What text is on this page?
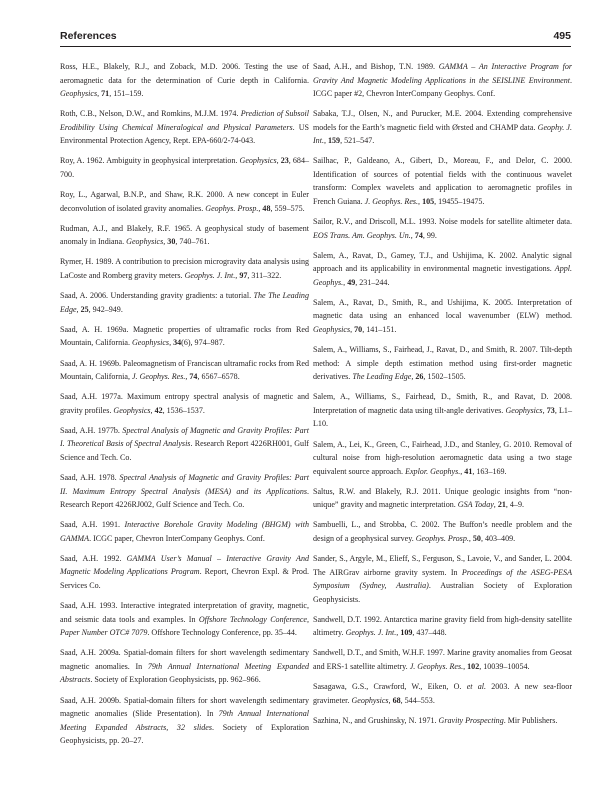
References	495

Ross, H.E., Blakely, R.J., and Zoback, M.D. 2006. Testing the use of aeromagnetic data for the determination of Curie depth in California. Geophysics, 71, 151–159.

Roth, C.B., Nelson, D.W., and Romkins, M.J.M. 1974. Prediction of Subsoil Erodibility Using Chemical Mineralogical and Physical Parameters. US Environmental Protection Agency, Rept. EPA-660/2-74-043.

Roy, A. 1962. Ambiguity in geophysical interpretation. Geophysics, 23, 684–700.

Roy, L., Agarwal, B.N.P., and Shaw, R.K. 2000. A new concept in Euler deconvolution of isolated gravity anomalies. Geophys. Prosp., 48, 559–575.

Rudman, A.J., and Blakely, R.F. 1965. A geophysical study of basement anomaly in Indiana. Geophysics, 30, 740–761.

Rymer, H. 1989. A contribution to precision microgravity data analysis using LaCoste and Romberg gravity meters. Geophys. J. Int., 97, 311–322.

Saad, A. 2006. Understanding gravity gradients: a tutorial. The The Leading Edge, 25, 942–949.

Saad, A. H. 1969a. Magnetic properties of ultramafic rocks from Red Mountain, California. Geophysics, 34(6), 974–987.

Saad, A. H. 1969b. Paleomagnetism of Franciscan ultramafic rocks from Red Mountain, California, J. Geophys. Res., 74, 6567–6578.

Saad, A.H. 1977a. Maximum entropy spectral analysis of magnetic and gravity profiles. Geophysics, 42, 1536–1537.

Saad, A.H. 1977b. Spectral Analysis of Magnetic and Gravity Profiles: Part I. Theoretical Basis of Spectral Analysis. Research Report 4226RH001, Gulf Science and Tech. Co.

Saad, A.H. 1978. Spectral Analysis of Magnetic and Gravity Profiles: Part II. Maximum Entropy Spectral Analysis (MESA) and its Applications. Research Report 4226RJ002, Gulf Science and Tech. Co.

Saad, A.H. 1991. Interactive Borehole Gravity Modeling (BHGM) with GAMMA. ICGC paper, Chevron InterCompany Geophys. Conf.

Saad, A.H. 1992. GAMMA User’s Manual – Interactive Gravity And Magnetic Modeling Applications Program. Report, Chevron Expl. & Prod. Services Co.

Saad, A.H. 1993. Interactive integrated interpretation of gravity, magnetic, and seismic data tools and examples. In Offshore Technology Conference, Paper Number OTC# 7079. Offshore Technology Conference, pp. 35–44.

Saad, A.H. 2009a. Spatial-domain filters for short wavelength sedimentary magnetic anomalies. In 79th Annual International Meeting Expanded Abstracts. Society of Exploration Geophysicists, pp. 962–966.

Saad, A.H. 2009b. Spatial-domain filters for short wavelength sedimentary magnetic anomalies (Slide Presentation). In 79th Annual International Meeting Expanded Abstracts, 32 slides. Society of Exploration Geophysicists, pp. 20–27.

Saad, A.H., and Bishop, T.N. 1989. GAMMA – An Interactive Program for Gravity And Magnetic Modeling Applications in the SEISLINE Environment. ICGC paper #2, Chevron InterCompany Geophys. Conf.

Sabaka, T.J., Olsen, N., and Purucker, M.E. 2004. Extending comprehensive models for the Earth’s magnetic field with Ørsted and CHAMP data. Geophy. J. Int., 159, 521–547.

Sailhac, P., Galdeano, A., Gibert, D., Moreau, F., and Delor, C. 2000. Identification of sources of potential fields with the continuous wavelet transform: Complex wavelets and application to aeromagnetic profiles in French Guiana. J. Geophys. Res., 105, 19455–19475.

Sailor, R.V., and Driscoll, M.L. 1993. Noise models for satellite altimeter data. EOS Trans. Am. Geophys. Un., 74, 99.

Salem, A., Ravat, D., Gamey, T.J., and Ushijima, K. 2002. Analytic signal approach and its applicability in environmental magnetic investigations. Appl. Geophys., 49, 231–244.

Salem, A., Ravat, D., Smith, R., and Ushijima, K. 2005. Interpretation of magnetic data using an enhanced local wavenumber (ELW) method. Geophysics, 70, 141–151.

Salem, A., Williams, S., Fairhead, J., Ravat, D., and Smith, R. 2007. Tilt-depth method: A simple depth estimation method using first-order magnetic derivatives. The Leading Edge, 26, 1502–1505.

Salem, A., Williams, S., Fairhead, D., Smith, R., and Ravat, D. 2008. Interpretation of magnetic data using tilt-angle derivatives. Geophysics, 73, L1–L10.

Salem, A., Lei, K., Green, C., Fairhead, J.D., and Stanley, G. 2010. Removal of cultural noise from high-resolution aeromagnetic data using a two stage equivalent source approach. Explor. Geophys., 41, 163–169.

Saltus, R.W. and Blakely, R.J. 2011. Unique geologic insights from “non-unique” gravity and magnetic interpretation. GSA Today, 21, 4–9.

Sambuelli, L., and Strobba, C. 2002. The Buffon’s needle problem and the design of a geophysical survey. Geophys. Prosp., 50, 403–409.

Sander, S., Argyle, M., Elieff, S., Ferguson, S., Lavoie, V., and Sander, L. 2004. The AIRGrav airborne gravity system. In Proceedings of the ASEG-PESA Symposium (Sydney, Australia). Australian Society of Exploration Geophysicists.

Sandwell, D.T. 1992. Antarctica marine gravity field from high-density satellite altimetry. Geophys. J. Int., 109, 437–448.

Sandwell, D.T., and Smith, W.H.F. 1997. Marine gravity anomalies from Geosat and ERS-1 satellite altimetry. J. Geophys. Res., 102, 10039–10054.

Sasagawa, G.S., Crawford, W., Eiken, O. et al. 2003. A new sea-floor gravimeter. Geophysics, 68, 544–553.

Sazhina, N., and Grushinsky, N. 1971. Gravity Prospecting. Mir Publishers.
